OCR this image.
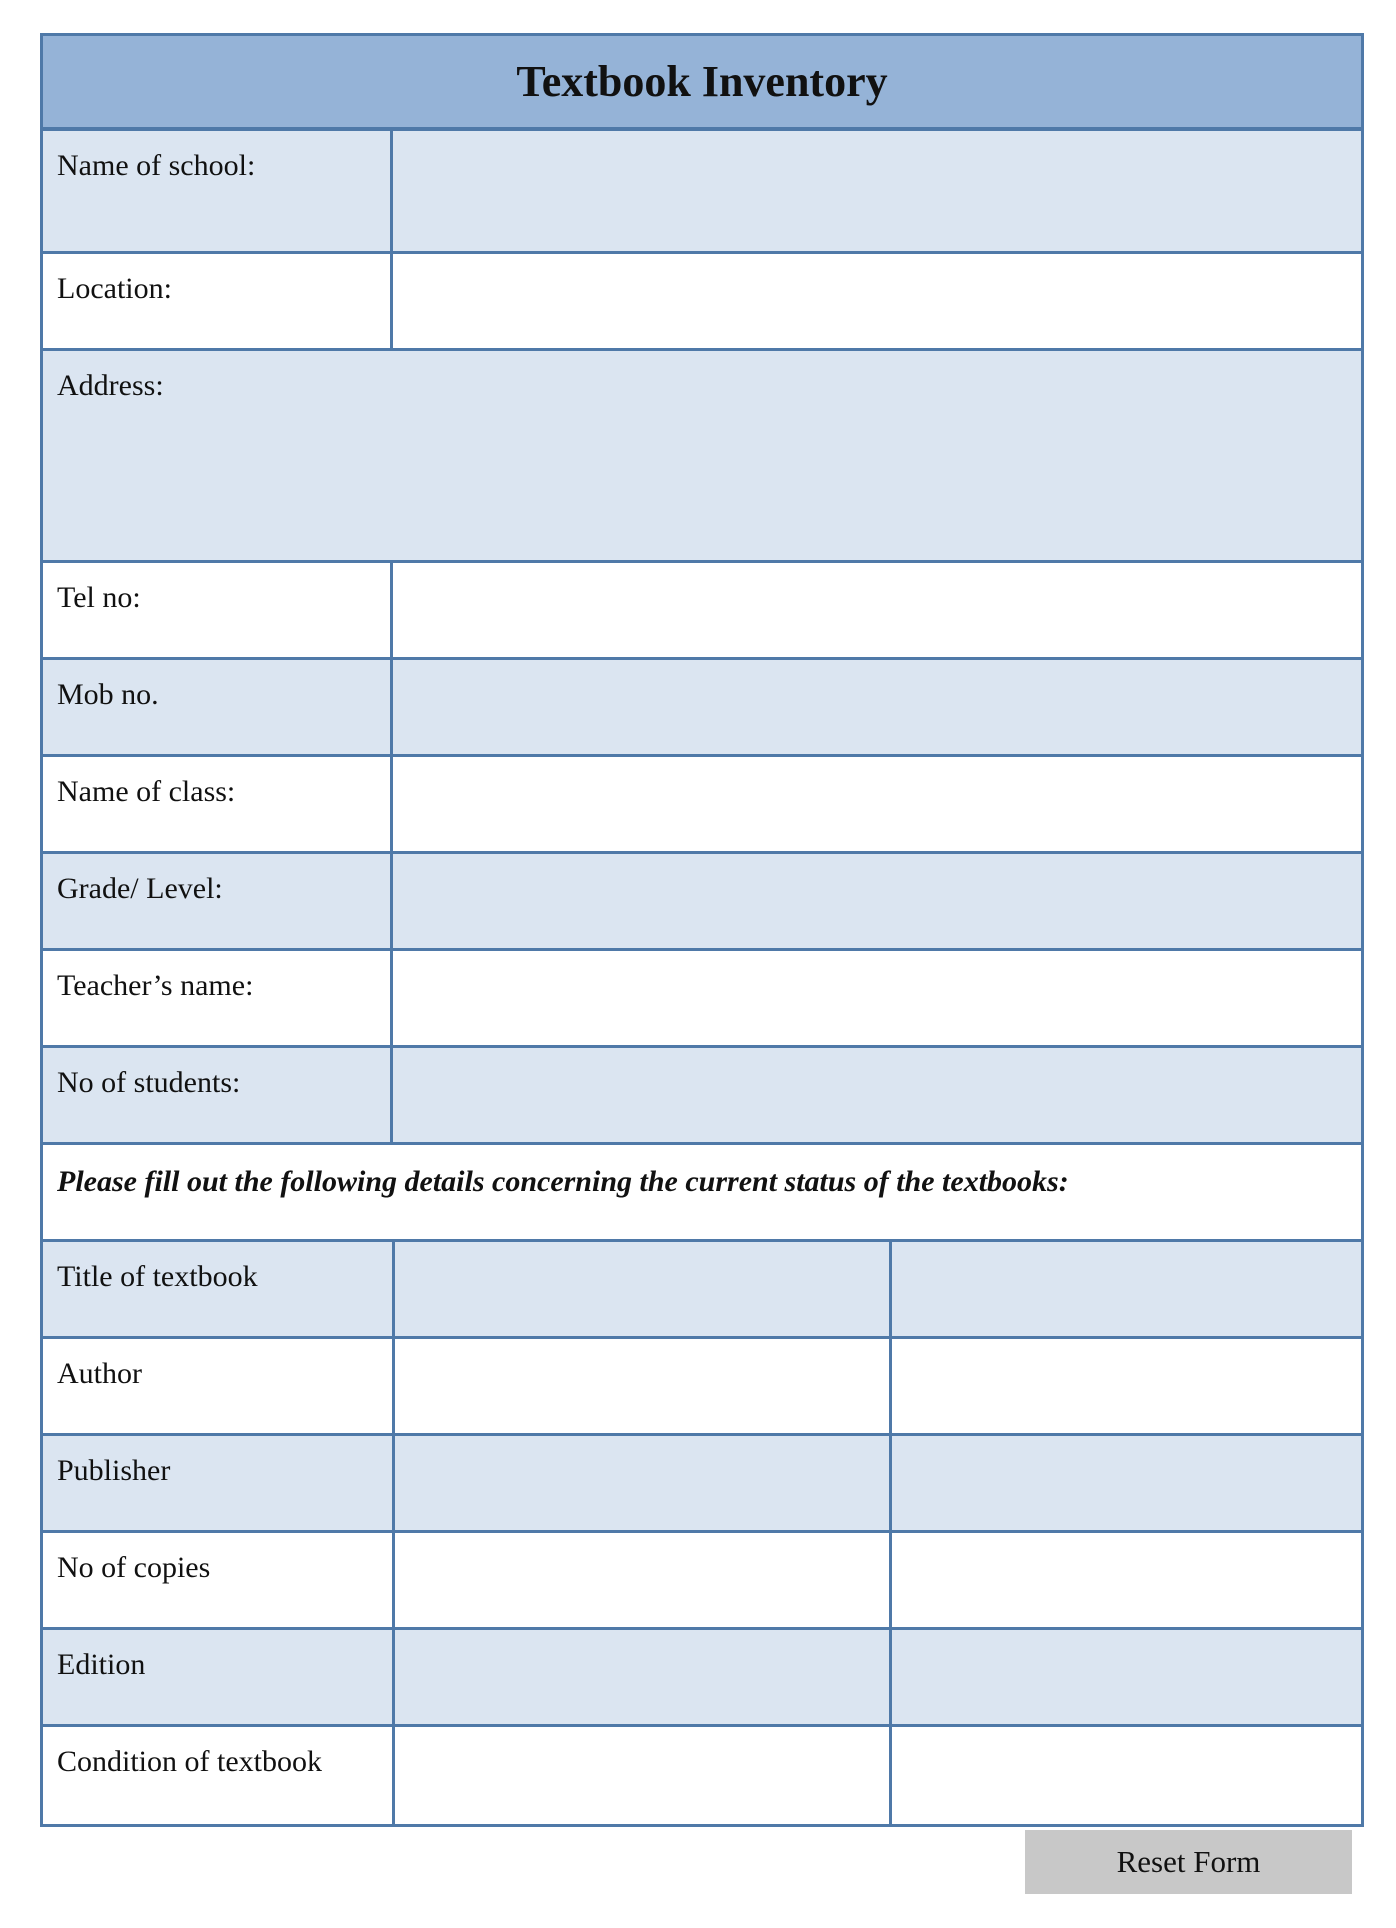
Textbook Inventory
Name of school:
Location:
Address:
Tel no:
Mob no.
Name of class:
Grade/ Level:
Teacher’s name:
No of students:
Please fill out the following details concerning the current status of the textbooks:
Title of textbook
Author
Publisher
No of copies
Edition
Condition of textbook
Reset Form
